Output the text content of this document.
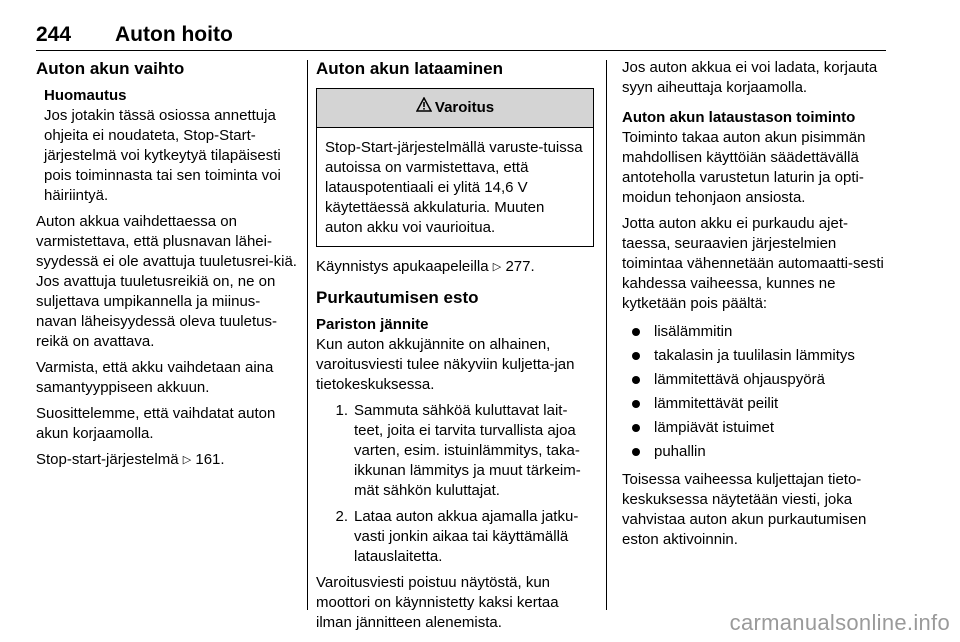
244 Auton hoito
Auton akun vaihto

Huomautus

Jos jotakin tässä osiossa annettuja ohjeita ei noudateta, Stop-Start-järjestelmä voi kytkeytyä tilapäisesti pois toiminnasta tai sen toiminta voi häiriintyä.

Auton akkua vaihdettaessa on varmistettava, että plusnavan lähei-syydessä ei ole avattuja tuuletusrei-kiä. Jos avattuja tuuletusreikiä on, ne on suljettava umpikannella ja miinus-navan läheisyydessä oleva tuuletus-reikä on avattava.

Varmista, että akku vaihdetaan aina samantyyppiseen akkuun.

Suosittelemme, että vaihdatat auton akun korjaamolla.

Stop-start-järjestelmä ▷ 161.

Auton akun lataaminen
Varoitus
Stop-Start-järjestelmällä varuste-tuissa autoissa on varmistettava, että latauspotentiaali ei ylitä 14,6 V käytettäessä akkulaturia. Muuten auton akku voi vaurioitua.

Käynnistys apukaapeleilla ▷ 277.

Purkautumisen esto

Pariston jännite

Kun auton akkujännite on alhainen, varoitusviesti tulee näkyviin kuljetta-jan tietokeskuksessa.

1. Sammuta sähköä kuluttavat lait-teet, joita ei tarvita turvallista ajoa varten, esim. istuinlämmitys, taka-ikkunan lämmitys ja muut tärkeim-mät sähkön kuluttajat.
2. Lataa auton akkua ajamalla jatku-vasti jonkin aikaa tai käyttämällä latauslaitetta.

Varoitusviesti poistuu näytöstä, kun moottori on käynnistetty kaksi kertaa ilman jännitteen alenemista.

Jos auton akkua ei voi ladata, korjauta syyn aiheuttaja korjaamolla.

Auton akun lataustason toiminto

Toiminto takaa auton akun pisimmän mahdollisen käyttöiän säädettävällä antoteholla varustetun laturin ja opti-moidun tehonjaon ansiosta.

Jotta auton akku ei purkaudu ajet-taessa, seuraavien järjestelmien toimintaa vähennetään automaatti-sesti kahdessa vaiheessa, kunnes ne kytketään pois päältä:

lisälämmitin
takalasin ja tuulilasin lämmitys
lämmitettävä ohjauspyörä
lämmitettävät peilit
lämpiävät istuimet
puhallin

Toisessa vaiheessa kuljettajan tieto-keskuksessa näytetään viesti, joka vahvistaa auton akun purkautumisen eston aktivoinnin.

carmanualsonline.info
